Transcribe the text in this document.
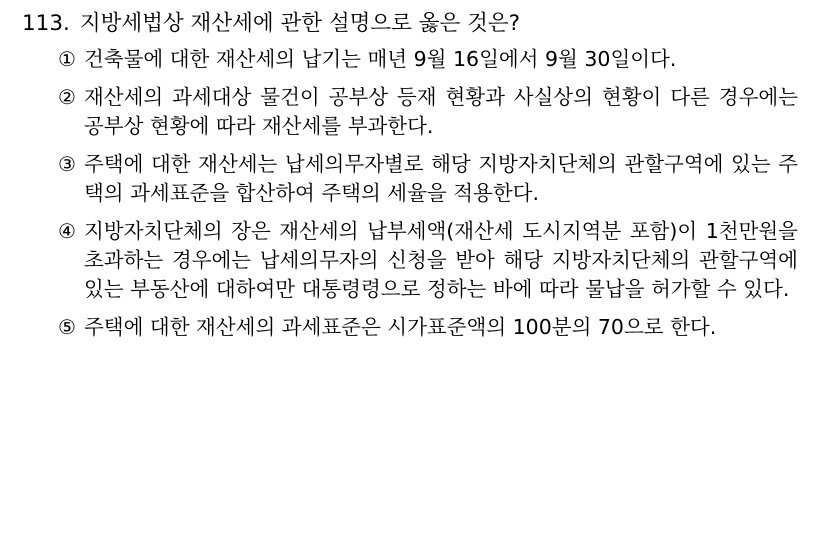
113. 지방세법상 재산세에 관한 설명으로 옳은 것은?
① 건축물에 대한 재산세의 납기는 매년 9월 16일에서 9월 30일이다.
② 재산세의 과세대상 물건이 공부상 등재 현황과 사실상의 현황이 다른 경우에는 공부상 현황에 따라 재산세를 부과한다.
③ 주택에 대한 재산세는 납세의무자별로 해당 지방자치단체의 관할구역에 있는 주택의 과세표준을 합산하여 주택의 세율을 적용한다.
④ 지방자치단체의 장은 재산세의 납부세액(재산세 도시지역분 포함)이 1천만원을 초과하는 경우에는 납세의무자의 신청을 받아 해당 지방자치단체의 관할구역에 있는 부동산에 대하여만 대통령령으로 정하는 바에 따라 물납을 허가할 수 있다.
⑤ 주택에 대한 재산세의 과세표준은 시가표준액의 100분의 70으로 한다.
